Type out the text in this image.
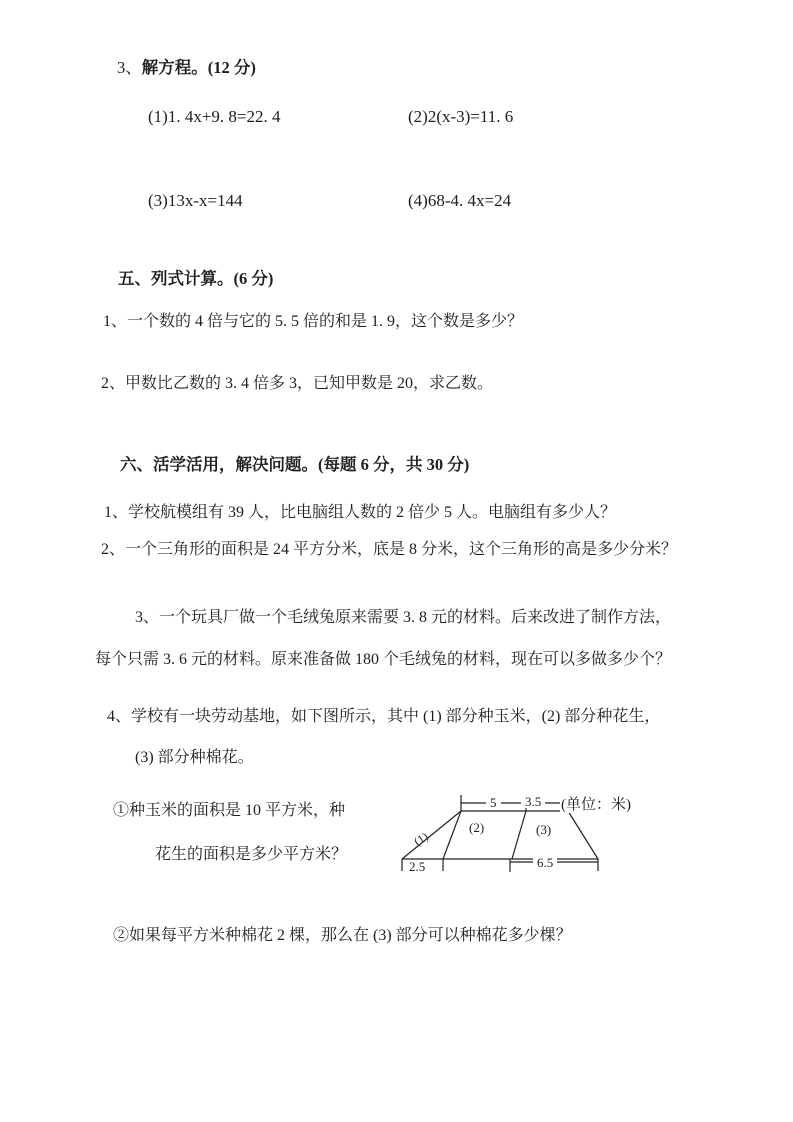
3、解方程。(12 分)
(1)1. 4x+9. 8=22. 4	(2)2(x-3)=11. 6
(3)13x-x=144	(4)68-4. 4x=24
五、列式计算。(6 分)
1、一个数的 4 倍与它的 5. 5 倍的和是 1. 9，这个数是多少？
2、甲数比乙数的 3. 4 倍多 3，已知甲数是 20，求乙数。
六、活学活用，解决问题。(每题 6 分，共 30 分)
1、学校航模组有 39 人，比电脑组人数的 2 倍少 5 人。电脑组有多少人？
2、一个三角形的面积是 24 平方分米，底是 8 分米，这个三角形的高是多少分米？
3、一个玩具厂做一个毛绒兔原来需要 3. 8 元的材料。后来改进了制作方法，
每个只需 3. 6 元的材料。原来准备做 180 个毛绒兔的材料，现在可以多做多少个？
4、学校有一块劳动基地，如下图所示，其中 (1) 部分种玉米，(2) 部分种花生，
(3) 部分种棉花。
①种玉米的面积是 10 平方米，种
花生的面积是多少平方米？
5	3.5 (单位：米)
(1)
(2)	(3)
2.5	6.5
②如果每平方米种棉花 2 棵，那么在 (3) 部分可以种棉花多少棵？
